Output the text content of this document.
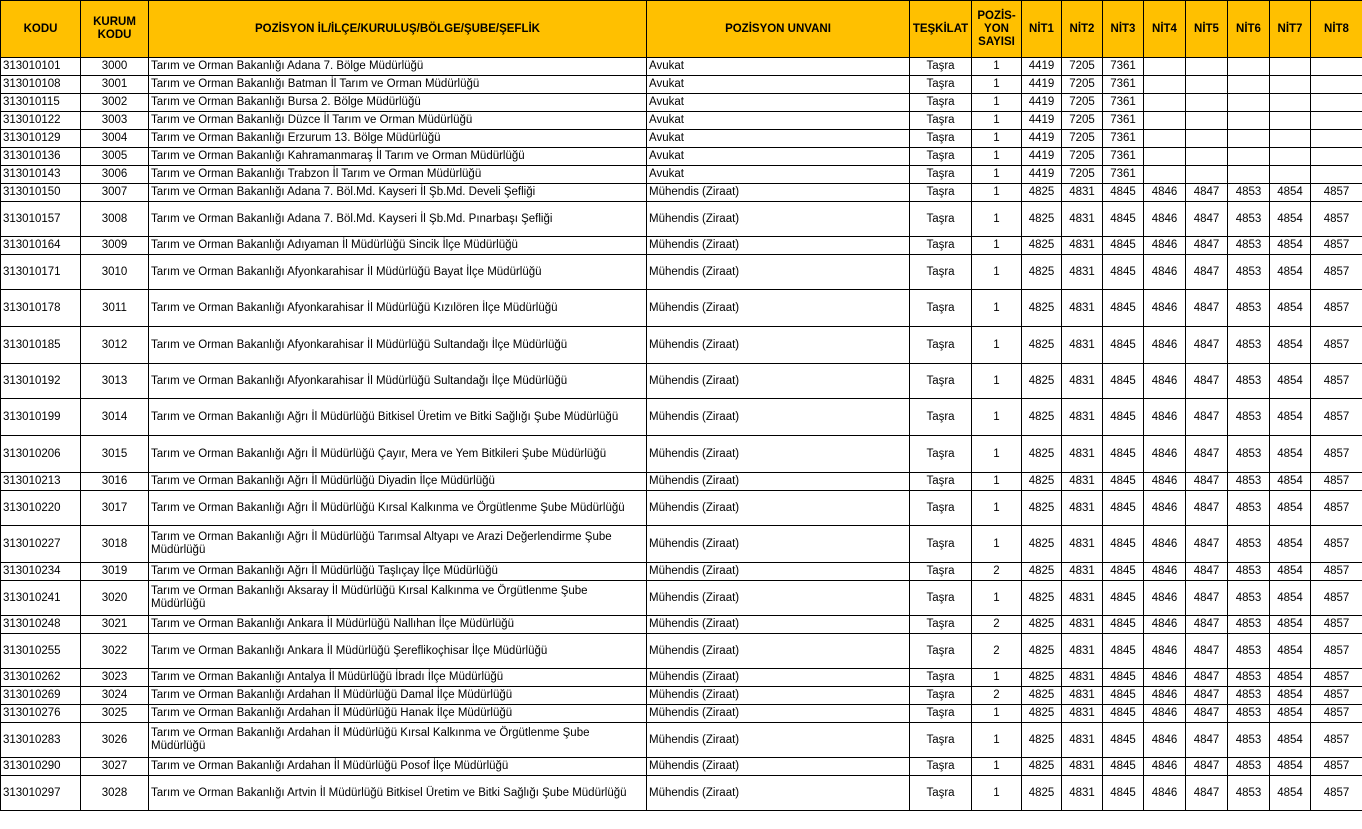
KODU	KURUM KODU	POZİSYON İL/İLÇE/KURULUŞ/BÖLGE/ŞUBE/ŞEFLİK	POZİSYON UNVANI	TEŞKİLAT	POZİS-YON SAYISI	NİT1	NİT2	NİT3	NİT4	NİT5	NİT6	NİT7	NİT8
313010101	3000	Tarım ve Orman Bakanlığı Adana 7. Bölge Müdürlüğü	Avukat	Taşra	1	4419	7205	7361					
313010108	3001	Tarım ve Orman Bakanlığı Batman İl Tarım ve Orman Müdürlüğü	Avukat	Taşra	1	4419	7205	7361					
313010115	3002	Tarım ve Orman Bakanlığı Bursa 2. Bölge Müdürlüğü	Avukat	Taşra	1	4419	7205	7361					
313010122	3003	Tarım ve Orman Bakanlığı Düzce İl Tarım ve Orman Müdürlüğü	Avukat	Taşra	1	4419	7205	7361					
313010129	3004	Tarım ve Orman Bakanlığı Erzurum 13. Bölge Müdürlüğü	Avukat	Taşra	1	4419	7205	7361					
313010136	3005	Tarım ve Orman Bakanlığı Kahramanmaraş İl Tarım ve Orman Müdürlüğü	Avukat	Taşra	1	4419	7205	7361					
313010143	3006	Tarım ve Orman Bakanlığı Trabzon İl Tarım ve Orman Müdürlüğü	Avukat	Taşra	1	4419	7205	7361					
313010150	3007	Tarım ve Orman Bakanlığı Adana 7. Böl.Md. Kayseri İl Şb.Md. Develi Şefliği	Mühendis (Ziraat)	Taşra	1	4825	4831	4845	4846	4847	4853	4854	4857
313010157	3008	Tarım ve Orman Bakanlığı Adana 7. Böl.Md. Kayseri İl Şb.Md. Pınarbaşı Şefliği	Mühendis (Ziraat)	Taşra	1	4825	4831	4845	4846	4847	4853	4854	4857
313010164	3009	Tarım ve Orman Bakanlığı Adıyaman İl Müdürlüğü Sincik İlçe Müdürlüğü	Mühendis (Ziraat)	Taşra	1	4825	4831	4845	4846	4847	4853	4854	4857
313010171	3010	Tarım ve Orman Bakanlığı Afyonkarahisar İl Müdürlüğü Bayat İlçe Müdürlüğü	Mühendis (Ziraat)	Taşra	1	4825	4831	4845	4846	4847	4853	4854	4857
313010178	3011	Tarım ve Orman Bakanlığı Afyonkarahisar İl Müdürlüğü Kızılören İlçe Müdürlüğü	Mühendis (Ziraat)	Taşra	1	4825	4831	4845	4846	4847	4853	4854	4857
313010185	3012	Tarım ve Orman Bakanlığı Afyonkarahisar İl Müdürlüğü Sultandağı İlçe Müdürlüğü	Mühendis (Ziraat)	Taşra	1	4825	4831	4845	4846	4847	4853	4854	4857
313010192	3013	Tarım ve Orman Bakanlığı Afyonkarahisar İl Müdürlüğü Sultandağı İlçe Müdürlüğü	Mühendis (Ziraat)	Taşra	1	4825	4831	4845	4846	4847	4853	4854	4857
313010199	3014	Tarım ve Orman Bakanlığı Ağrı İl Müdürlüğü Bitkisel Üretim ve Bitki Sağlığı Şube Müdürlüğü	Mühendis (Ziraat)	Taşra	1	4825	4831	4845	4846	4847	4853	4854	4857
313010206	3015	Tarım ve Orman Bakanlığı Ağrı İl Müdürlüğü Çayır, Mera ve Yem Bitkileri Şube Müdürlüğü	Mühendis (Ziraat)	Taşra	1	4825	4831	4845	4846	4847	4853	4854	4857
313010213	3016	Tarım ve Orman Bakanlığı Ağrı İl Müdürlüğü Diyadin İlçe Müdürlüğü	Mühendis (Ziraat)	Taşra	1	4825	4831	4845	4846	4847	4853	4854	4857
313010220	3017	Tarım ve Orman Bakanlığı Ağrı İl Müdürlüğü Kırsal Kalkınma ve Örgütlenme Şube Müdürlüğü	Mühendis (Ziraat)	Taşra	1	4825	4831	4845	4846	4847	4853	4854	4857
313010227	3018	Tarım ve Orman Bakanlığı Ağrı İl Müdürlüğü Tarımsal Altyapı ve Arazi Değerlendirme Şube Müdürlüğü	Mühendis (Ziraat)	Taşra	1	4825	4831	4845	4846	4847	4853	4854	4857
313010234	3019	Tarım ve Orman Bakanlığı Ağrı İl Müdürlüğü Taşlıçay İlçe Müdürlüğü	Mühendis (Ziraat)	Taşra	2	4825	4831	4845	4846	4847	4853	4854	4857
313010241	3020	Tarım ve Orman Bakanlığı Aksaray İl Müdürlüğü Kırsal Kalkınma ve Örgütlenme Şube Müdürlüğü	Mühendis (Ziraat)	Taşra	1	4825	4831	4845	4846	4847	4853	4854	4857
313010248	3021	Tarım ve Orman Bakanlığı Ankara İl Müdürlüğü Nallıhan İlçe Müdürlüğü	Mühendis (Ziraat)	Taşra	2	4825	4831	4845	4846	4847	4853	4854	4857
313010255	3022	Tarım ve Orman Bakanlığı Ankara İl Müdürlüğü Şereflikoçhisar İlçe Müdürlüğü	Mühendis (Ziraat)	Taşra	2	4825	4831	4845	4846	4847	4853	4854	4857
313010262	3023	Tarım ve Orman Bakanlığı Antalya İl Müdürlüğü İbradı İlçe Müdürlüğü	Mühendis (Ziraat)	Taşra	1	4825	4831	4845	4846	4847	4853	4854	4857
313010269	3024	Tarım ve Orman Bakanlığı Ardahan İl Müdürlüğü Damal İlçe Müdürlüğü	Mühendis (Ziraat)	Taşra	2	4825	4831	4845	4846	4847	4853	4854	4857
313010276	3025	Tarım ve Orman Bakanlığı Ardahan İl Müdürlüğü Hanak İlçe Müdürlüğü	Mühendis (Ziraat)	Taşra	1	4825	4831	4845	4846	4847	4853	4854	4857
313010283	3026	Tarım ve Orman Bakanlığı Ardahan İl Müdürlüğü Kırsal Kalkınma ve Örgütlenme Şube Müdürlüğü	Mühendis (Ziraat)	Taşra	1	4825	4831	4845	4846	4847	4853	4854	4857
313010290	3027	Tarım ve Orman Bakanlığı Ardahan İl Müdürlüğü Posof İlçe Müdürlüğü	Mühendis (Ziraat)	Taşra	1	4825	4831	4845	4846	4847	4853	4854	4857
313010297	3028	Tarım ve Orman Bakanlığı Artvin İl Müdürlüğü Bitkisel Üretim ve Bitki Sağlığı Şube Müdürlüğü	Mühendis (Ziraat)	Taşra	1	4825	4831	4845	4846	4847	4853	4854	4857
